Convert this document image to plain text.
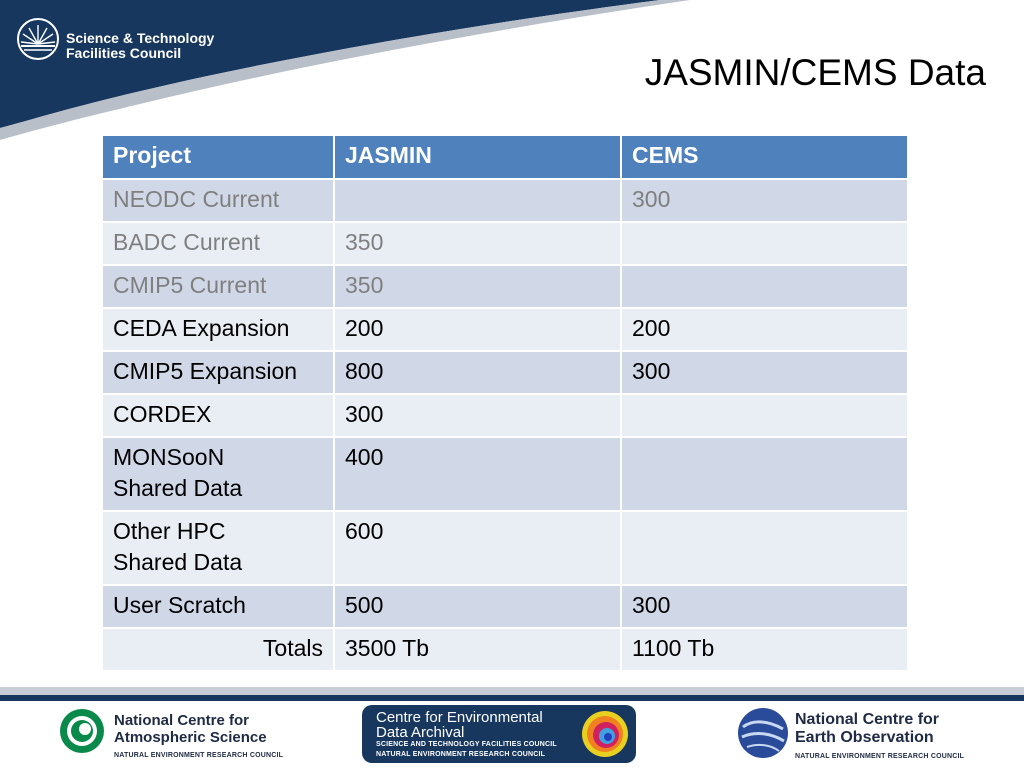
Science & Technology
Facilities Council	JASMIN/CEMS Data
Project	JASMIN	CEMS
NEODC Current		300
BADC Current	350	
CMIP5 Current	350	
CEDA Expansion	200	200
CMIP5 Expansion	800	300
CORDEX	300	
MONSooN
Shared Data	400	
Other HPC
Shared Data	600	
User Scratch	500	300
Totals	3500 Tb	1100 Tb
National Centre for
Atmospheric Science
NATURAL ENVIRONMENT RESEARCH COUNCIL
Centre for Environmental
Data Archival
SCIENCE AND TECHNOLOGY FACILITIES COUNCIL
NATURAL ENVIRONMENT RESEARCH COUNCIL
National Centre for
Earth Observation
NATURAL ENVIRONMENT RESEARCH COUNCIL
